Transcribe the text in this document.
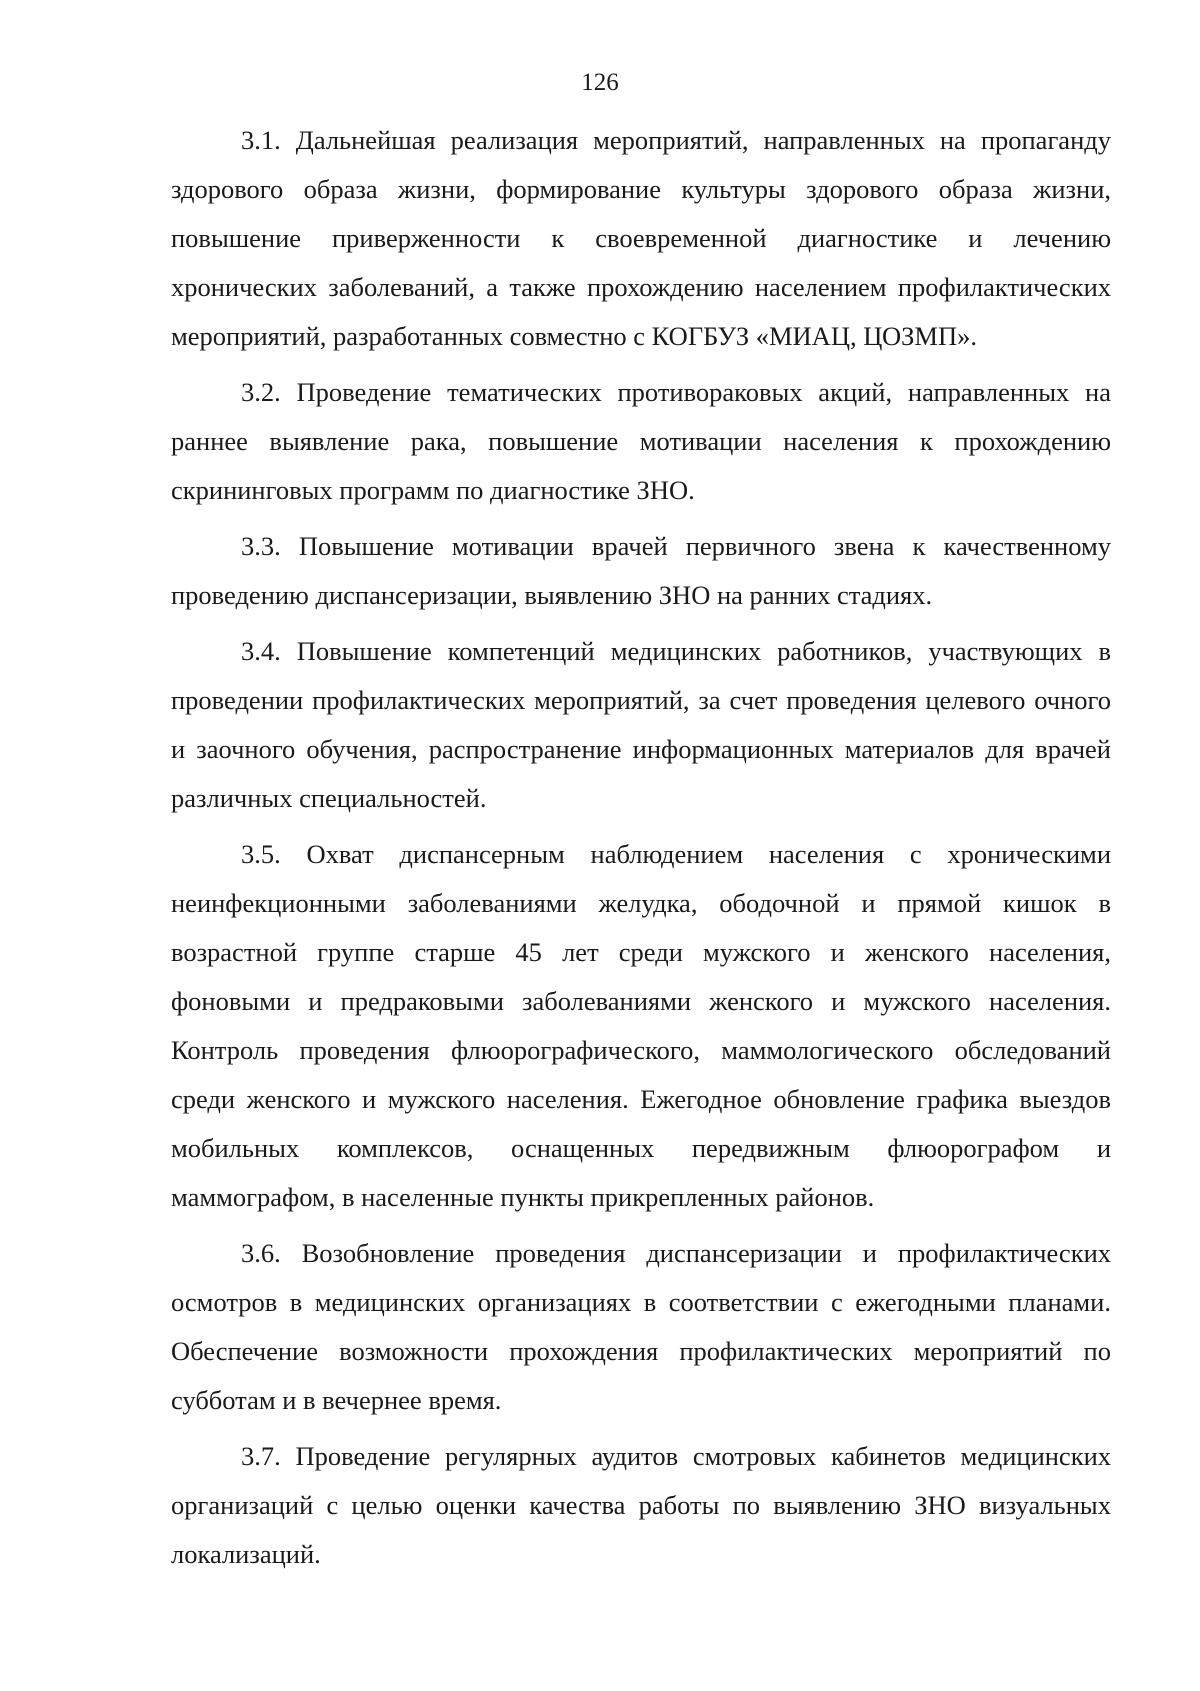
126

3.1. Дальнейшая реализация мероприятий, направленных на пропаганду здорового образа жизни, формирование культуры здорового образа жизни, повышение приверженности к своевременной диагностике и лечению хронических заболеваний, а также прохождению населением профилактических мероприятий, разработанных совместно с КОГБУЗ «МИАЦ, ЦОЗМП».

3.2. Проведение тематических противораковых акций, направленных на раннее выявление рака, повышение мотивации населения к прохождению скрининговых программ по диагностике ЗНО.

3.3. Повышение мотивации врачей первичного звена к качественному проведению диспансеризации, выявлению ЗНО на ранних стадиях.

3.4. Повышение компетенций медицинских работников, участвующих в проведении профилактических мероприятий, за счет проведения целевого очного и заочного обучения, распространение информационных материалов для врачей различных специальностей.

3.5. Охват диспансерным наблюдением населения с хроническими неинфекционными заболеваниями желудка, ободочной и прямой кишок в возрастной группе старше 45 лет среди мужского и женского населения, фоновыми и предраковыми заболеваниями женского и мужского населения. Контроль проведения флюорографического, маммологического обследований среди женского и мужского населения. Ежегодное обновление графика выездов мобильных комплексов, оснащенных передвижным флюорографом и маммографом, в населенные пункты прикрепленных районов.

3.6. Возобновление проведения диспансеризации и профилактических осмотров в медицинских организациях в соответствии с ежегодными планами. Обеспечение возможности прохождения профилактических мероприятий по субботам и в вечернее время.

3.7. Проведение регулярных аудитов смотровых кабинетов медицинских организаций с целью оценки качества работы по выявлению ЗНО визуальных локализаций.
